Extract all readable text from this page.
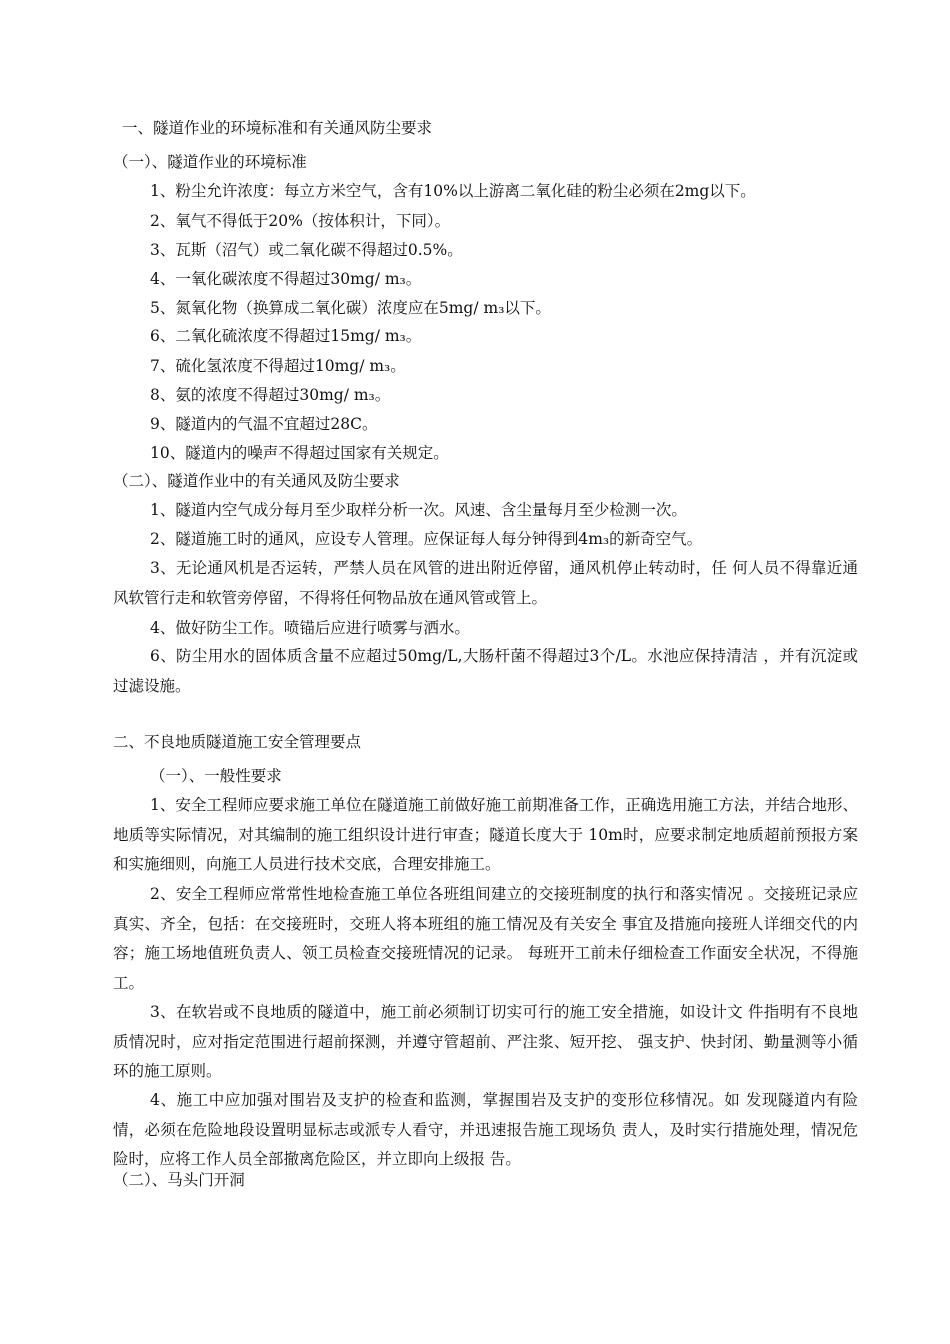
一、隧道作业的环境标准和有关通风防尘要求
（一）、隧道作业的环境标准
1、粉尘允许浓度：每立方米空气，含有10%以上游离二氧化硅的粉尘必须在2mg以下。
2、氧气不得低于20%（按体积计，下同）。
3、瓦斯（沼气）或二氧化碳不得超过0.5%。
4、一氧化碳浓度不得超过30mg/ m₃。
5、氮氧化物（换算成二氧化碳）浓度应在5mg/ m₃以下。
6、二氧化硫浓度不得超过15mg/ m₃。
7、硫化氢浓度不得超过10mg/ m₃。
8、氨的浓度不得超过30mg/ m₃。
9、隧道内的气温不宜超过28C。
10、隧道内的噪声不得超过国家有关规定。
（二）、隧道作业中的有关通风及防尘要求
1、隧道内空气成分每月至少取样分析一次。风速、含尘量每月至少检测一次。
2、隧道施工时的通风，应设专人管理。应保证每人每分钟得到4m₃的新奇空气。
3、无论通风机是否运转，严禁人员在风管的进出附近停留，通风机停止转动时，任 何人员不得靠近通风软管行走和软管旁停留，不得将任何物品放在通风管或管上。
4、做好防尘工作。喷锚后应进行喷雾与洒水。
6、防尘用水的固体质含量不应超过50mg/L,大肠杆菌不得超过3个/L。水池应保持清洁 ，并有沉淀或过滤设施。
二、不良地质隧道施工安全管理要点
（一）、一般性要求
1、安全工程师应要求施工单位在隧道施工前做好施工前期准备工作，正确选用施工方法，并结合地形、地质等实际情况，对其编制的施工组织设计进行审查；隧道长度大于 10m时，应要求制定地质超前预报方案和实施细则，向施工人员进行技术交底，合理安排施工。
2、安全工程师应常常性地检查施工单位各班组间建立的交接班制度的执行和落实情况 。交接班记录应真实、齐全，包括：在交接班时，交班人将本班组的施工情况及有关安全 事宜及措施向接班人详细交代的内容；施工场地值班负责人、领工员检查交接班情况的记录。 每班开工前未仔细检查工作面安全状况，不得施工。
3、在软岩或不良地质的隧道中，施工前必须制订切实可行的施工安全措施，如设计文 件指明有不良地质情况时，应对指定范围进行超前探测，并遵守管超前、严注浆、短开挖、 强支护、快封闭、勤量测等小循环的施工原则。
4、施工中应加强对围岩及支护的检查和监测，掌握围岩及支护的变形位移情况。如 发现隧道内有险情，必须在危险地段设置明显标志或派专人看守，并迅速报告施工现场负 责人，及时实行措施处理，情况危险时，应将工作人员全部撤离危险区，并立即向上级报 告。
（二）、马头门开洞
